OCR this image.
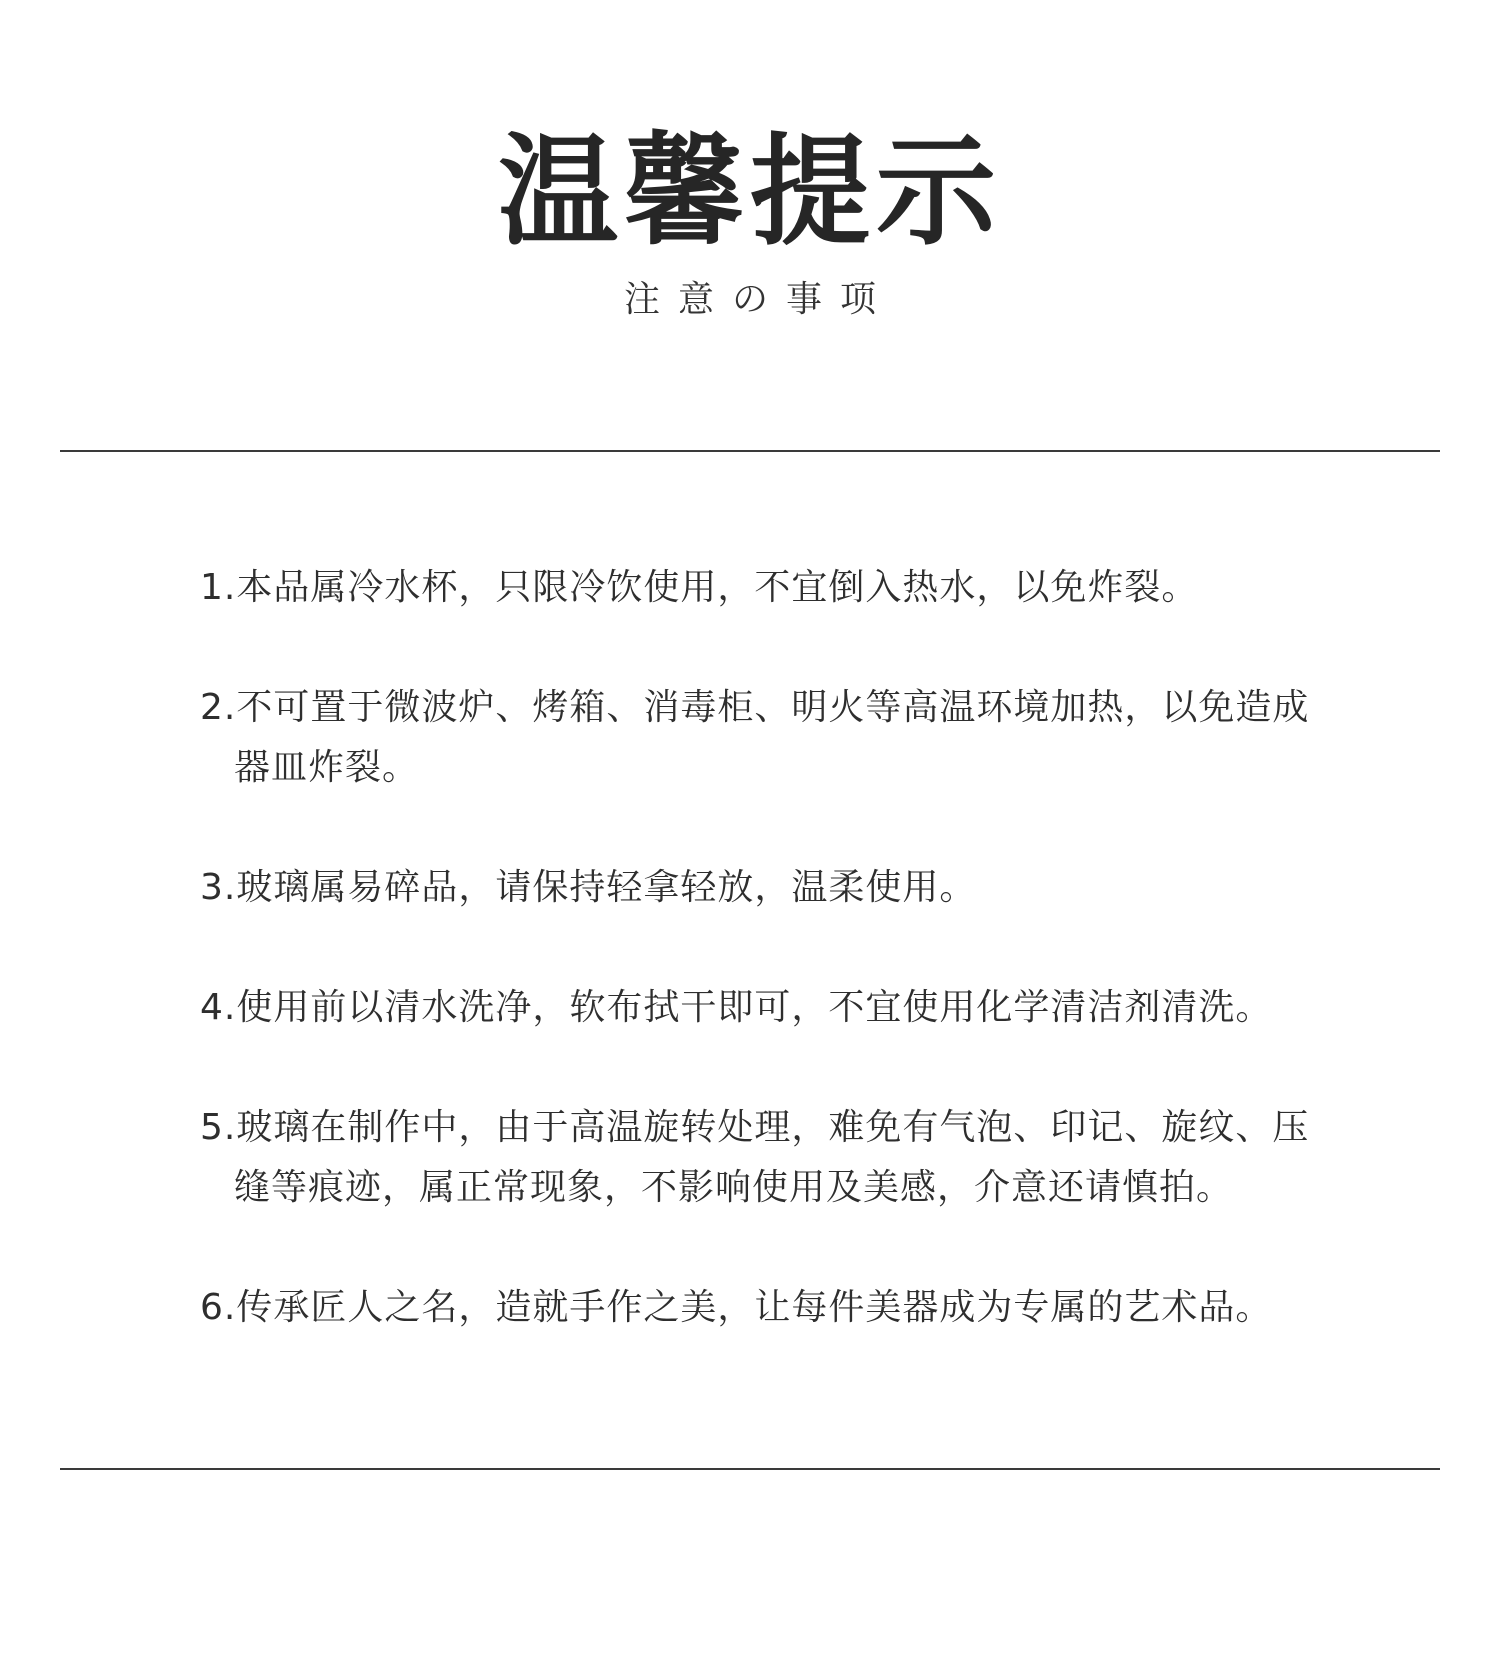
温馨提示
注意の事项
1.本品属冷水杯，只限冷饮使用，不宜倒入热水，以免炸裂。
2.不可置于微波炉、烤箱、消毒柜、明火等高温环境加热，以免造成器皿炸裂。
3.玻璃属易碎品，请保持轻拿轻放，温柔使用。
4.使用前以清水洗净，软布拭干即可，不宜使用化学清洁剂清洗。
5.玻璃在制作中，由于高温旋转处理，难免有气泡、印记、旋纹、压缝等痕迹，属正常现象，不影响使用及美感，介意还请慎拍。
6.传承匠人之名，造就手作之美，让每件美器成为专属的艺术品。
